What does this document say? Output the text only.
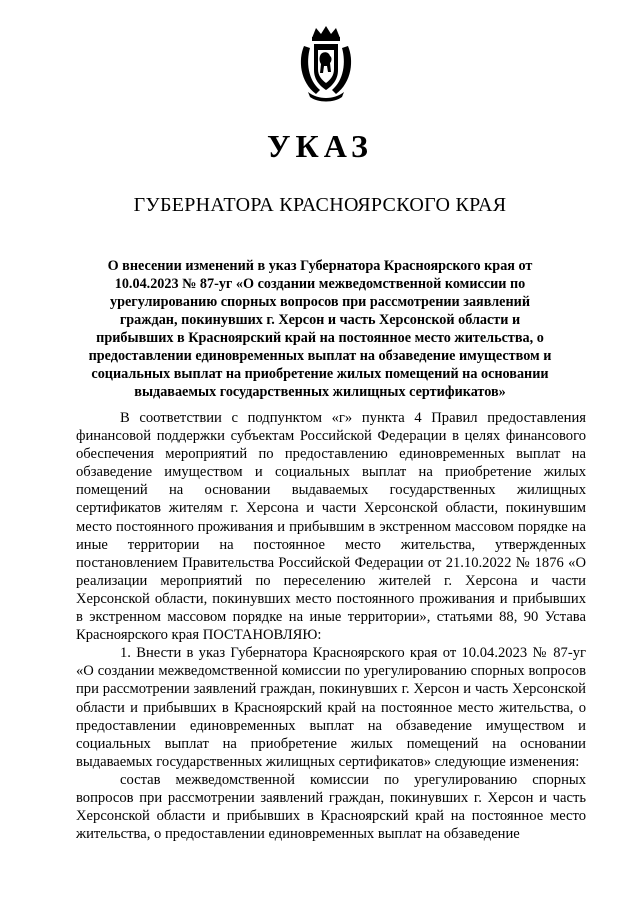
УКАЗ
ГУБЕРНАТОРА КРАСНОЯРСКОГО КРАЯ
О внесении изменений в указ Губернатора Красноярского края от 10.04.2023 № 87-уг «О создании межведомственной комиссии по урегулированию спорных вопросов при рассмотрении заявлений граждан, покинувших г. Херсон и часть Херсонской области и прибывших в Красноярский край на постоянное место жительства, о предоставлении единовременных выплат на обзаведение имуществом и социальных выплат на приобретение жилых помещений на основании выдаваемых государственных жилищных сертификатов»

В соответствии с подпунктом «г» пункта 4 Правил предоставления финансовой поддержки субъектам Российской Федерации в целях финансового обеспечения мероприятий по предоставлению единовременных выплат на обзаведение имуществом и социальных выплат на приобретение жилых помещений на основании выдаваемых государственных жилищных сертификатов жителям г. Херсона и части Херсонской области, покинувшим место постоянного проживания и прибывшим в экстренном массовом порядке на иные территории на постоянное место жительства, утвержденных постановлением Правительства Российской Федерации от 21.10.2022 № 1876 «О реализации мероприятий по переселению жителей г. Херсона и части Херсонской области, покинувших место постоянного проживания и прибывших в экстренном массовом порядке на иные территории», статьями 88, 90 Устава Красноярского края ПОСТАНОВЛЯЮ:

1. Внести в указ Губернатора Красноярского края от 10.04.2023 № 87-уг «О создании межведомственной комиссии по урегулированию спорных вопросов при рассмотрении заявлений граждан, покинувших г. Херсон и часть Херсонской области и прибывших в Красноярский край на постоянное место жительства, о предоставлении единовременных выплат на обзаведение имуществом и социальных выплат на приобретение жилых помещений на основании выдаваемых государственных жилищных сертификатов» следующие изменения:

состав межведомственной комиссии по урегулированию спорных вопросов при рассмотрении заявлений граждан, покинувших г. Херсон и часть Херсонской области и прибывших в Красноярский край на постоянное место жительства, о предоставлении единовременных выплат на обзаведение
